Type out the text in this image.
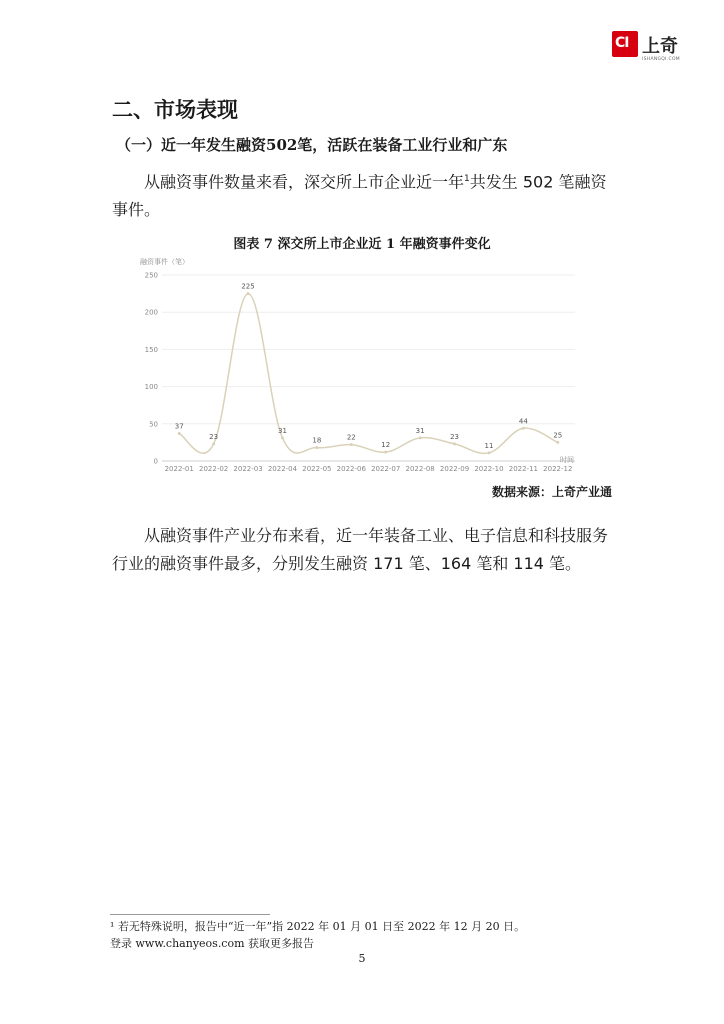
CI 上奇
ISHANGQI.COM
二、市场表现
（一）近一年发生融资502笔，活跃在装备工业行业和广东
从融资事件数量来看，深交所上市企业近一年$^1$共发生 502 笔融资事件。
图表 7 深交所上市企业近 1 年融资事件变化
0
50
100
150
200
250
2022-01 2022-02 2022-03 2022-04 2022-05 2022-06 2022-07 2022-08 2022-09 2022-10 2022-11 2022-12
37
23
225
31
18	22
12
31
23
11
44
25
时间
融资事件（笔）
数据来源：上奇产业通
从融资事件产业分布来看，近一年装备工业、电子信息和科技服务行业的融资事件最多，分别发生融资 171 笔、164 笔和 114 笔。
¹ 若无特殊说明，报告中“近一年”指 2022 年 01 月 01 日至 2022 年 12 月 20 日。
登录 www.chanyeos.com 获取更多报告
5
